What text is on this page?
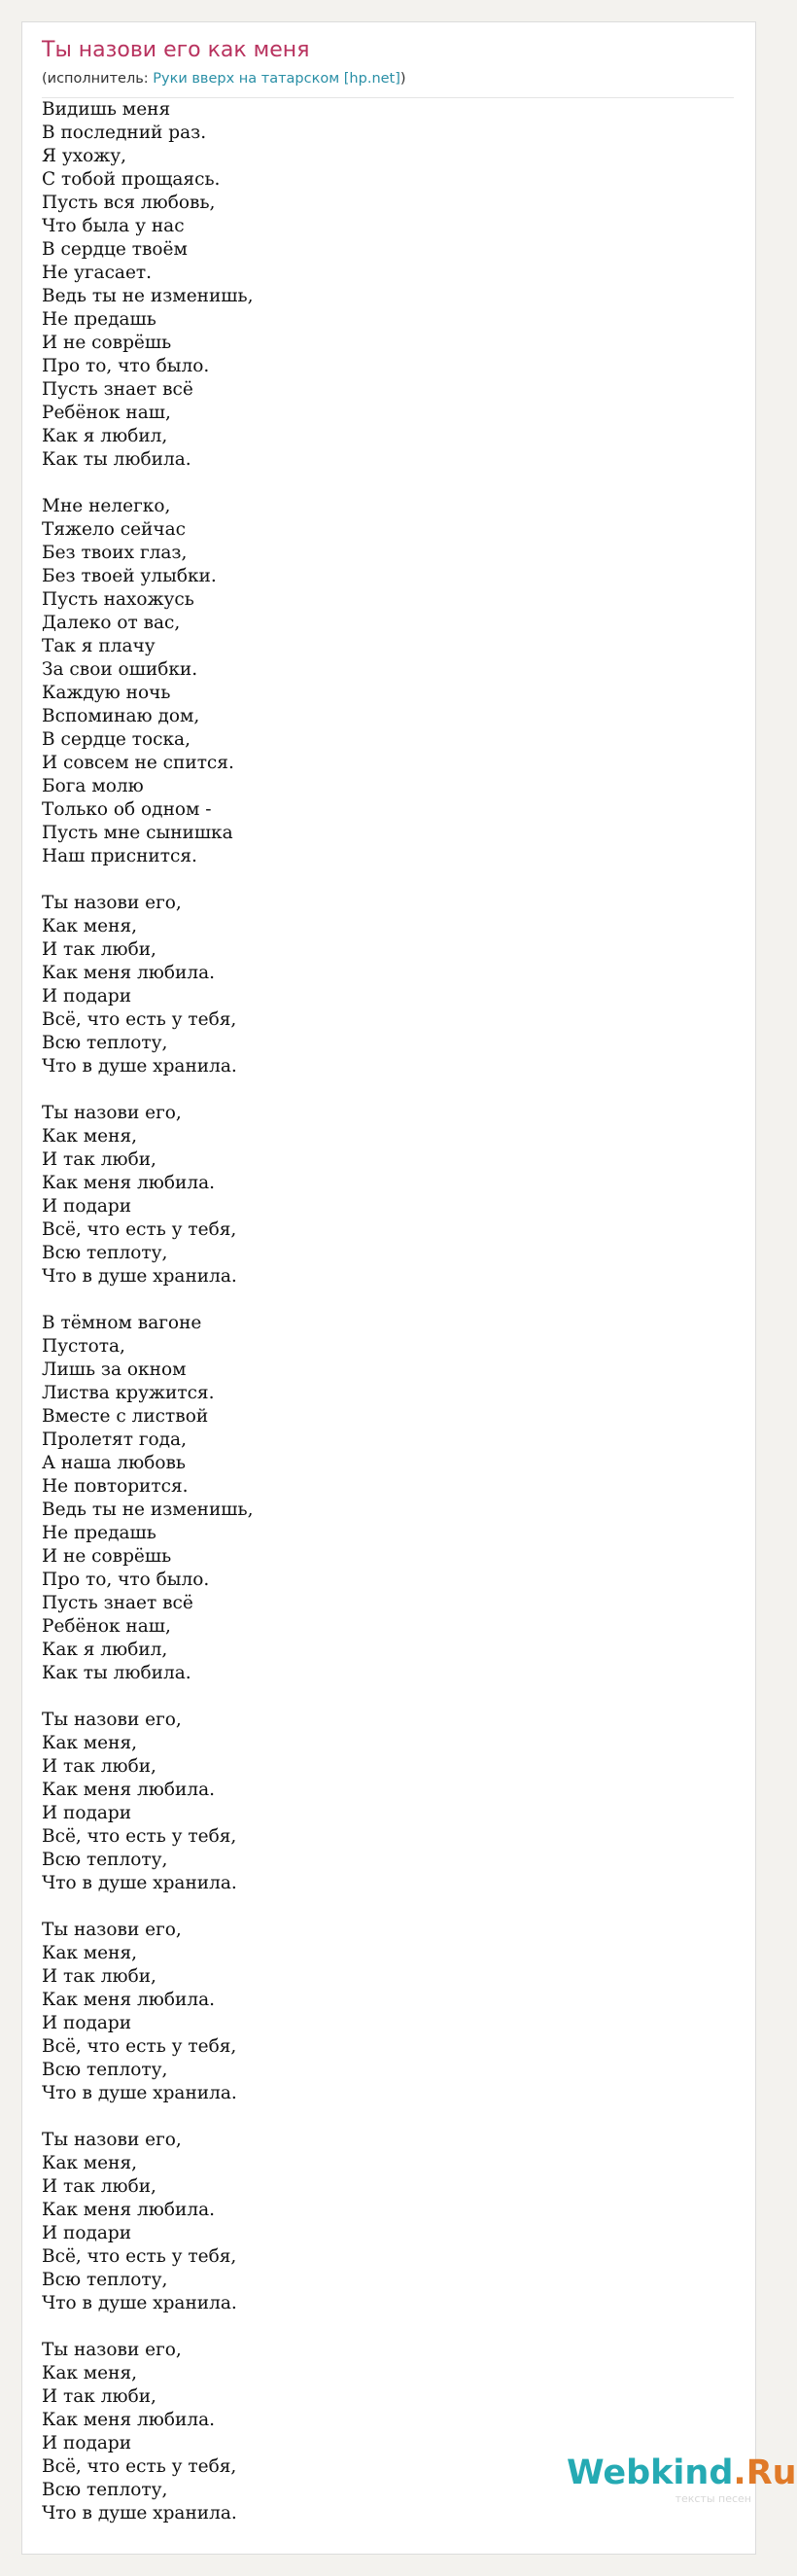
Ты назови его как меня
(исполнитель: Руки вверх на татарском [hp.net])
Видишь меня
В последний раз.
Я ухожу,
С тобой прощаясь.
Пусть вся любовь,
Что была у нас
В сердце твоём
Не угасает.
Ведь ты не изменишь,
Не предашь
И не соврёшь
Про то, что было.
Пусть знает всё
Ребёнок наш,
Как я любил,
Как ты любила.
Мне нелегко,
Тяжело сейчас
Без твоих глаз,
Без твоей улыбки.
Пусть нахожусь
Далеко от вас,
Так я плачу
За свои ошибки.
Каждую ночь
Вспоминаю дом,
В сердце тоска,
И совсем не спится.
Бога молю
Только об одном -
Пусть мне сынишка
Наш приснится.
Ты назови его,
Как меня,
И так люби,
Как меня любила.
И подари
Всё, что есть у тебя,
Всю теплоту,
Что в душе хранила.
Ты назови его,
Как меня,
И так люби,
Как меня любила.
И подари
Всё, что есть у тебя,
Всю теплоту,
Что в душе хранила.
В тёмном вагоне
Пустота,
Лишь за окном
Листва кружится.
Вместе с листвой
Пролетят года,
А наша любовь
Не повторится.
Ведь ты не изменишь,
Не предашь
И не соврёшь
Про то, что было.
Пусть знает всё
Ребёнок наш,
Как я любил,
Как ты любила.
Ты назови его,
Как меня,
И так люби,
Как меня любила.
И подари
Всё, что есть у тебя,
Всю теплоту,
Что в душе хранила.
Ты назови его,
Как меня,
И так люби,
Как меня любила.
И подари
Всё, что есть у тебя,
Всю теплоту,
Что в душе хранила.
Ты назови его,
Как меня,
И так люби,
Как меня любила.
И подари
Всё, что есть у тебя,
Всю теплоту,
Что в душе хранила.
Ты назови его,
Как меня,
И так люби,
Как меня любила.
И подари
Всё, что есть у тебя,
Всю теплоту,
Что в душе хранила.
Webkind.Ru
тексты песен
